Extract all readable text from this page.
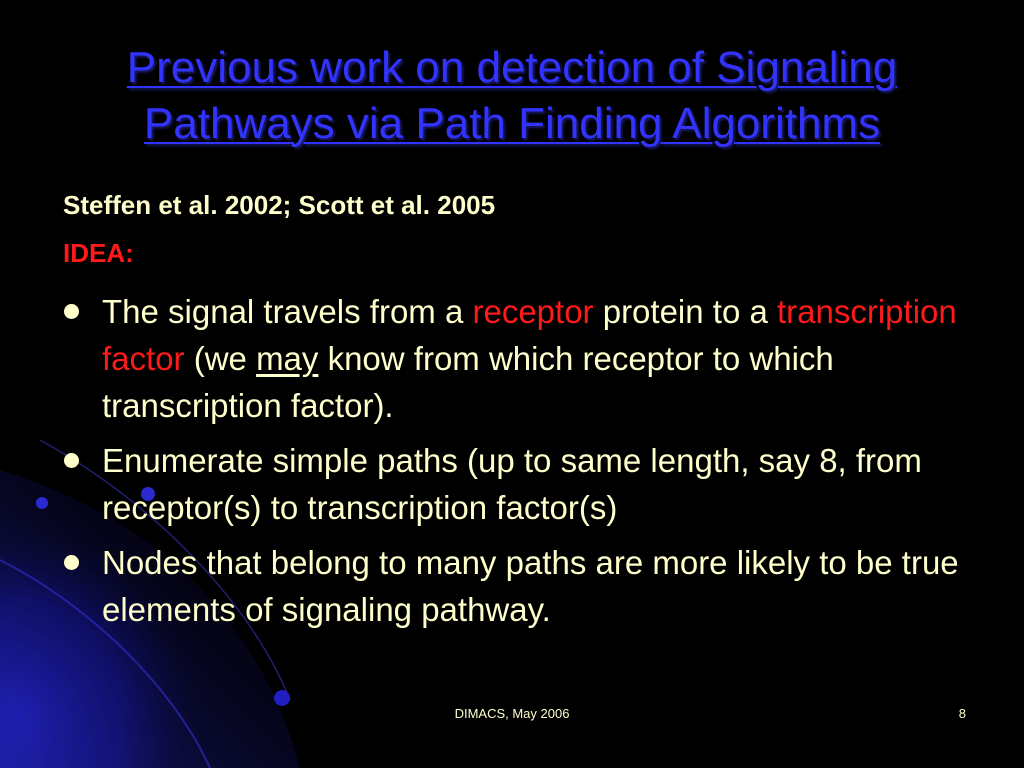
Previous work on detection of Signaling
Pathways via Path Finding Algorithms
Steffen et al. 2002; Scott et al. 2005
IDEA:
The signal travels from a receptor protein to a transcription factor (we may know from which receptor to which transcription factor).
Enumerate simple paths (up to same length, say 8, from receptor(s) to transcription factor(s)
Nodes that belong to many paths are more likely to be true elements of signaling pathway.
DIMACS, May 2006	8
